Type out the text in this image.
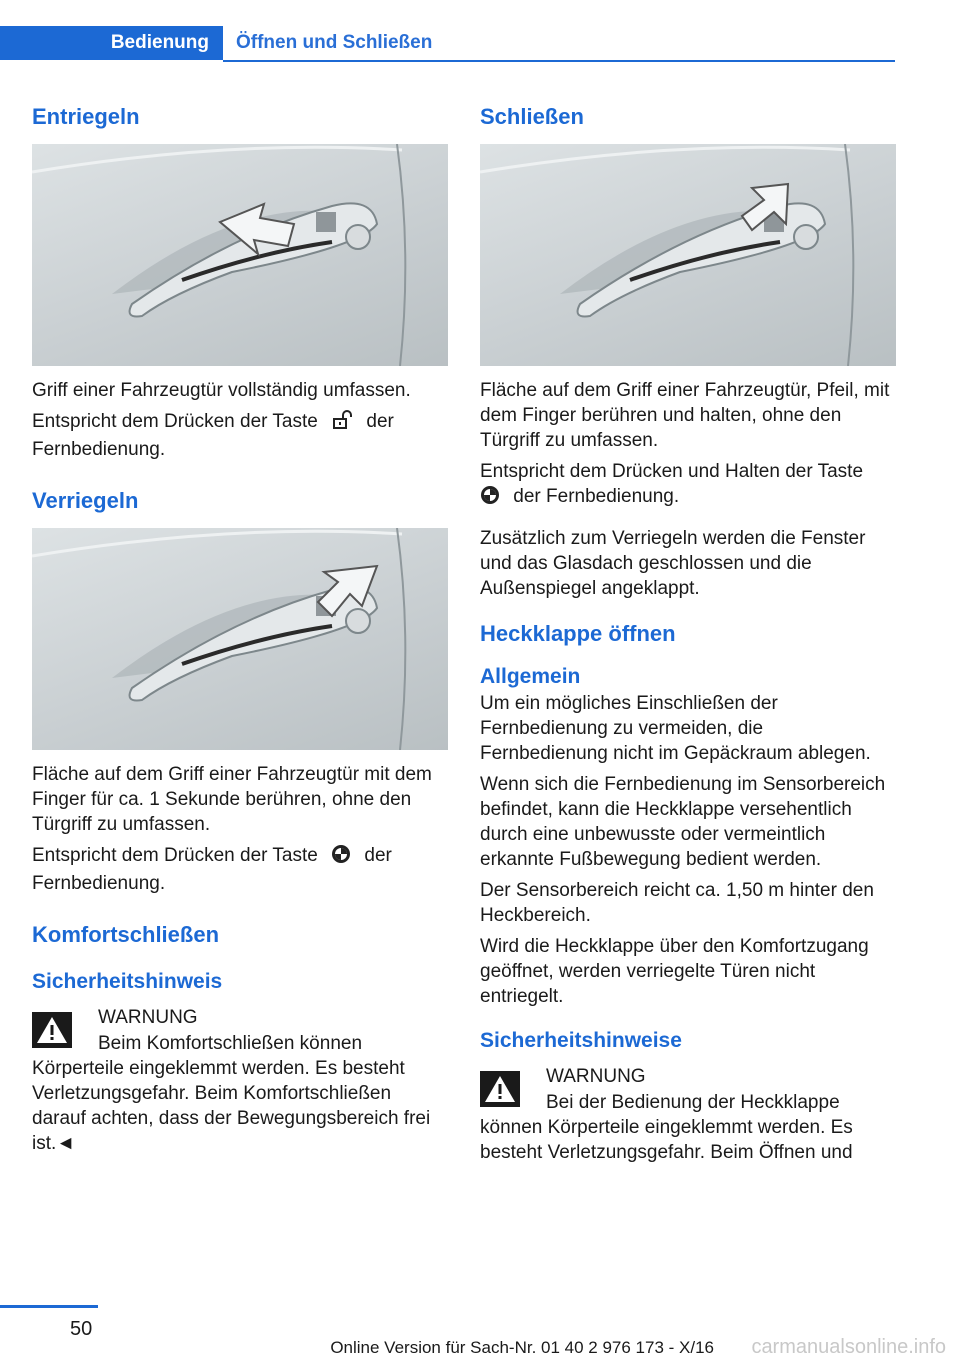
Bedienung	Öffnen und Schließen
Entriegeln

Griff einer Fahrzeugtür vollständig umfassen.

Entspricht dem Drücken der Taste	der Fernbedienung.

Verriegeln

Fläche auf dem Griff einer Fahrzeugtür mit dem Finger für ca. 1 Sekunde berühren, ohne den Türgriff zu umfassen.

Entspricht dem Drücken der Taste der Fernbedienung.

Komfortschließen
Sicherheitshinweis
WARNUNG

Beim Komfortschließen können Körperteile eingeklemmt werden. Es besteht Verletzungsgefahr. Beim Komfortschließen darauf achten, dass der Bewegungsbereich frei ist.◄

Schließen

Fläche auf dem Griff einer Fahrzeugtür, Pfeil, mit dem Finger berühren und halten, ohne den Türgriff zu umfassen.

Entspricht dem Drücken und Halten der Taste  der Fernbedienung.

Zusätzlich zum Verriegeln werden die Fenster und das Glasdach geschlossen und die Außenspiegel angeklappt.

Heckklappe öffnen
Allgemein

Um ein mögliches Einschließen der Fernbedienung zu vermeiden, die Fernbedienung nicht im Gepäckraum ablegen.

Wenn sich die Fernbedienung im Sensorbereich befindet, kann die Heckklappe versehentlich durch eine unbewusste oder vermeintlich erkannte Fußbewegung bedient werden.

Der Sensorbereich reicht ca. 1,50 m hinter den Heckbereich.

Wird die Heckklappe über den Komfortzugang geöffnet, werden verriegelte Türen nicht entriegelt.

Sicherheitshinweise
WARNUNG

Bei der Bedienung der Heckklappe können Körperteile eingeklemmt werden. Es besteht Verletzungsgefahr. Beim Öffnen und

50
Online Version für Sach-Nr. 01 40 2 976 173 - X/16 carmanualsonline.info
